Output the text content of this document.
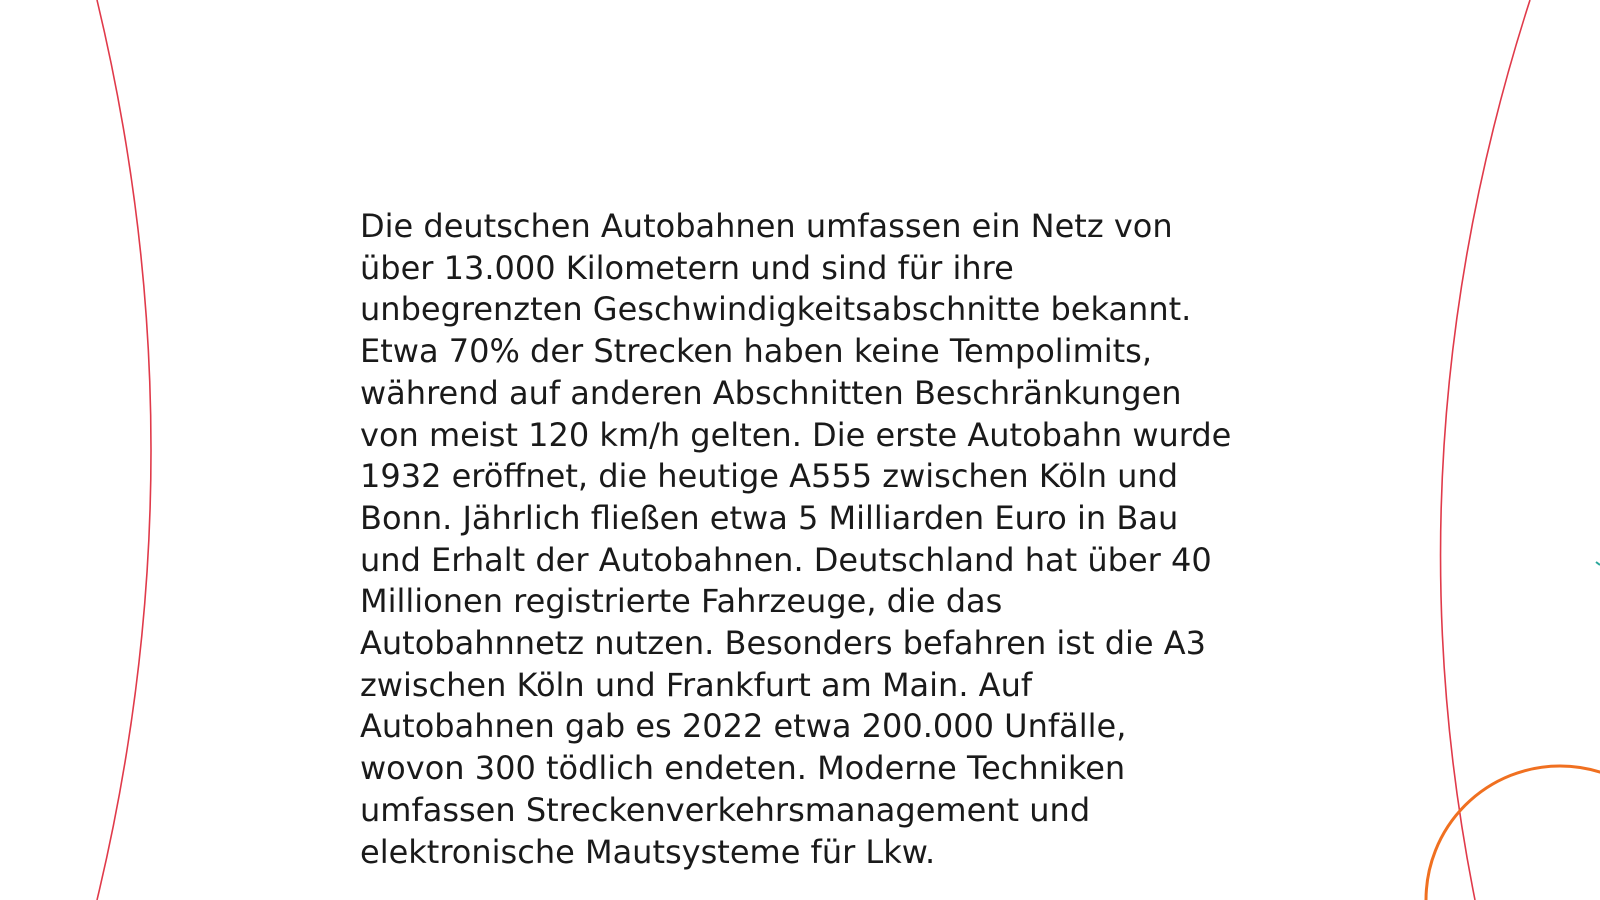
Die deutschen Autobahnen umfassen ein Netz von
über 13.000 Kilometern und sind für ihre
unbegrenzten Geschwindigkeitsabschnitte bekannt.
Etwa 70% der Strecken haben keine Tempolimits,
während auf anderen Abschnitten Beschränkungen
von meist 120 km/h gelten. Die erste Autobahn wurde
1932 eröffnet, die heutige A555 zwischen Köln und
Bonn. Jährlich fließen etwa 5 Milliarden Euro in Bau
und Erhalt der Autobahnen. Deutschland hat über 40
Millionen registrierte Fahrzeuge, die das
Autobahnnetz nutzen. Besonders befahren ist die A3
zwischen Köln und Frankfurt am Main. Auf
Autobahnen gab es 2022 etwa 200.000 Unfälle,
wovon 300 tödlich endeten. Moderne Techniken
umfassen Streckenverkehrsmanagement und
elektronische Mautsysteme für Lkw.
